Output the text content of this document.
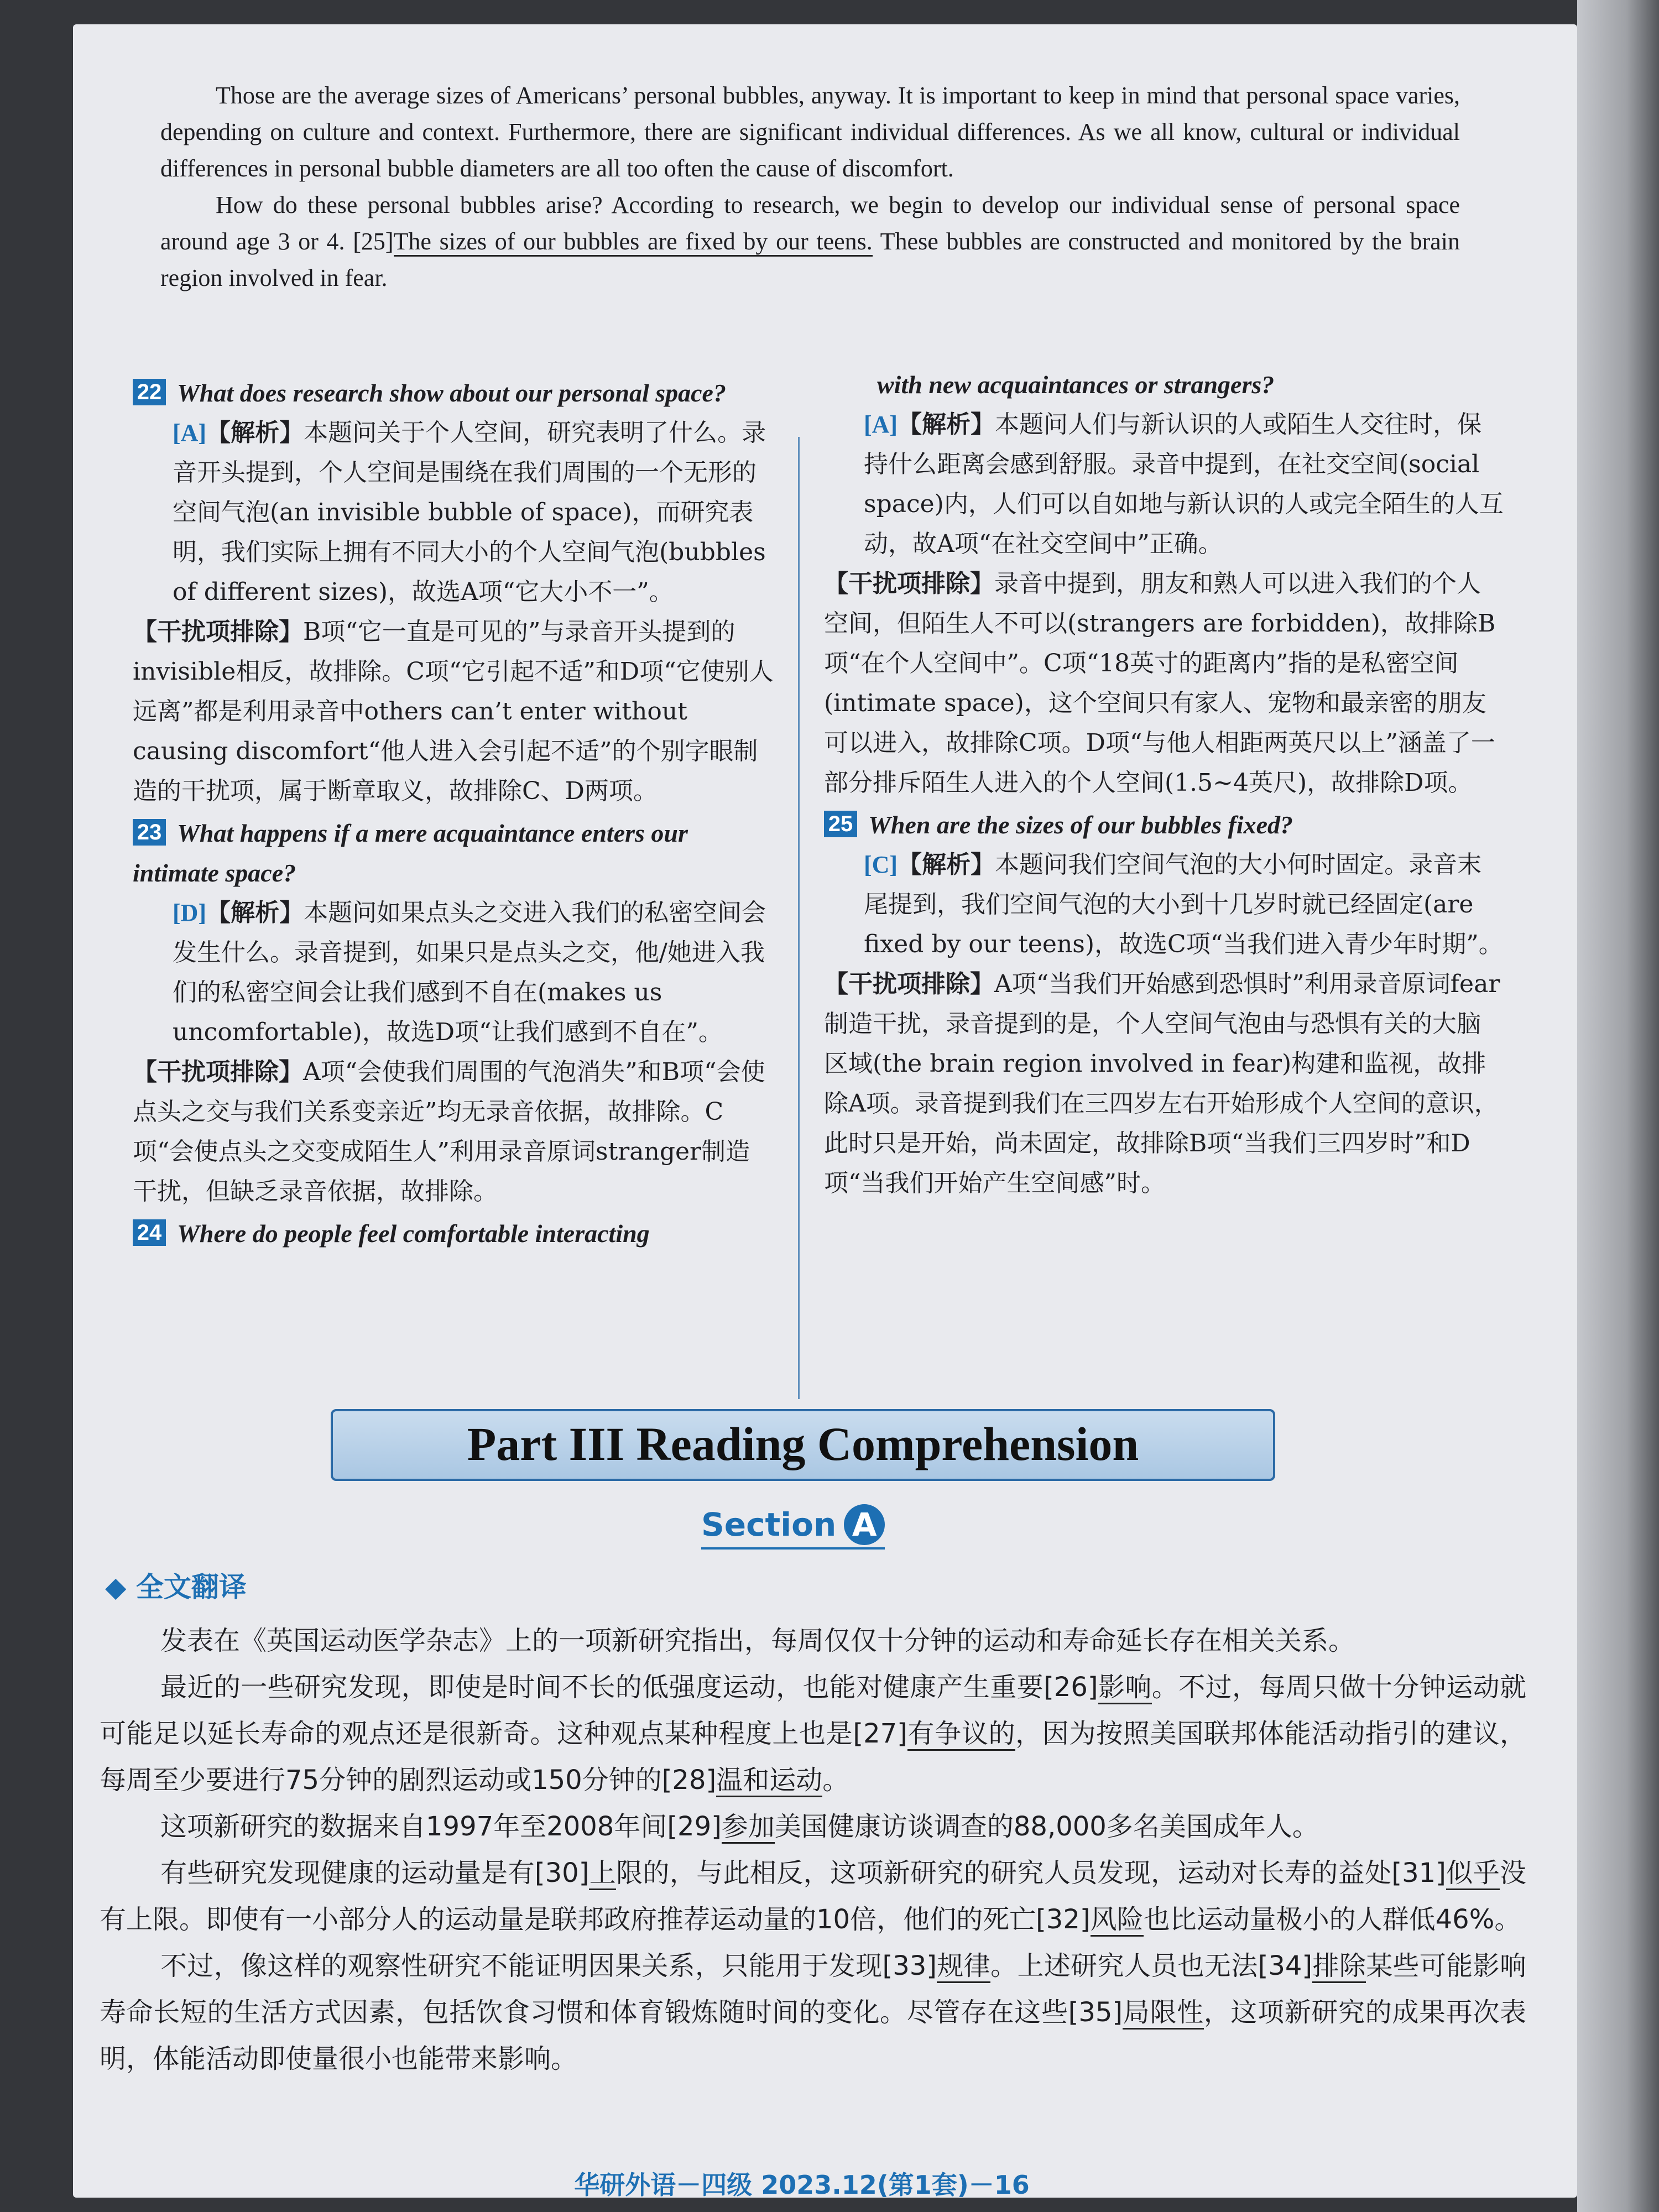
Those are the average sizes of Americans’ personal bubbles, anyway. It is important to keep in mind that personal space varies, depending on culture and context. Furthermore, there are significant individual differences. As we all know, cultural or individual differences in personal bubble diameters are all too often the cause of discomfort.

How do these personal bubbles arise? According to research, we begin to develop our individual sense of personal space around age 3 or 4. [25]The sizes of our bubbles are fixed by our teens. These bubbles are constructed and monitored by the brain region involved in fear.

22 What does research show about our personal space?

[A]【解析】本题问关于个人空间，研究表明了什么。录音开头提到，个人空间是围绕在我们周围的一个无形的空间气泡(an invisible bubble of space)，而研究表明，我们实际上拥有不同大小的个人空间气泡(bubbles of different sizes)，故选A项“它大小不一”。

【干扰项排除】B项“它一直是可见的”与录音开头提到的invisible相反，故排除。C项“它引起不适”和D项“它使别人远离”都是利用录音中others can’t enter without causing discomfort“他人进入会引起不适”的个别字眼制造的干扰项，属于断章取义，故排除C、D两项。

23 What happens if a mere acquaintance enters our intimate space?

[D]【解析】本题问如果点头之交进入我们的私密空间会发生什么。录音提到，如果只是点头之交，他/她进入我们的私密空间会让我们感到不自在(makes us uncomfortable)，故选D项“让我们感到不自在”。

【干扰项排除】A项“会使我们周围的气泡消失”和B项“会使点头之交与我们关系变亲近”均无录音依据，故排除。C项“会使点头之交变成陌生人”利用录音原词stranger制造干扰，但缺乏录音依据，故排除。

24 Where do people feel comfortable interacting
with new acquaintances or strangers?

[A]【解析】本题问人们与新认识的人或陌生人交往时，保持什么距离会感到舒服。录音中提到，在社交空间(social space)内，人们可以自如地与新认识的人或完全陌生的人互动，故A项“在社交空间中”正确。

【干扰项排除】录音中提到，朋友和熟人可以进入我们的个人空间，但陌生人不可以(strangers are forbidden)，故排除B项“在个人空间中”。C项“18英寸的距离内”指的是私密空间(intimate space)，这个空间只有家人、宠物和最亲密的朋友可以进入，故排除C项。D项“与他人相距两英尺以上”涵盖了一部分排斥陌生人进入的个人空间(1.5~4英尺)，故排除D项。

25 When are the sizes of our bubbles fixed?

[C]【解析】本题问我们空间气泡的大小何时固定。录音末尾提到，我们空间气泡的大小到十几岁时就已经固定(are fixed by our teens)，故选C项“当我们进入青少年时期”。

【干扰项排除】A项“当我们开始感到恐惧时”利用录音原词fear制造干扰，录音提到的是，个人空间气泡由与恐惧有关的大脑区域(the brain region involved in fear)构建和监视，故排除A项。录音提到我们在三四岁左右开始形成个人空间的意识，此时只是开始，尚未固定，故排除B项“当我们三四岁时”和D项“当我们开始产生空间感”时。

Part III Reading Comprehension
Section A
◆ 全文翻译

发表在《英国运动医学杂志》上的一项新研究指出，每周仅仅十分钟的运动和寿命延长存在相关关系。

最近的一些研究发现，即使是时间不长的低强度运动，也能对健康产生重要[26]影响。不过，每周只做十分钟运动就可能足以延长寿命的观点还是很新奇。这种观点某种程度上也是[27]有争议的，因为按照美国联邦体能活动指引的建议，每周至少要进行75分钟的剧烈运动或150分钟的[28]温和运动。

这项新研究的数据来自1997年至2008年间[29]参加美国健康访谈调查的88,000多名美国成年人。

有些研究发现健康的运动量是有[30]上限的，与此相反，这项新研究的研究人员发现，运动对长寿的益处[31]似乎没有上限。即使有一小部分人的运动量是联邦政府推荐运动量的10倍，他们的死亡[32]风险也比运动量极小的人群低46%。

不过，像这样的观察性研究不能证明因果关系，只能用于发现[33]规律。上述研究人员也无法[34]排除某些可能影响寿命长短的生活方式因素，包括饮食习惯和体育锻炼随时间的变化。尽管存在这些[35]局限性，这项新研究的成果再次表明，体能活动即使量很小也能带来影响。

华研外语－四级 2023.12(第1套)－16
